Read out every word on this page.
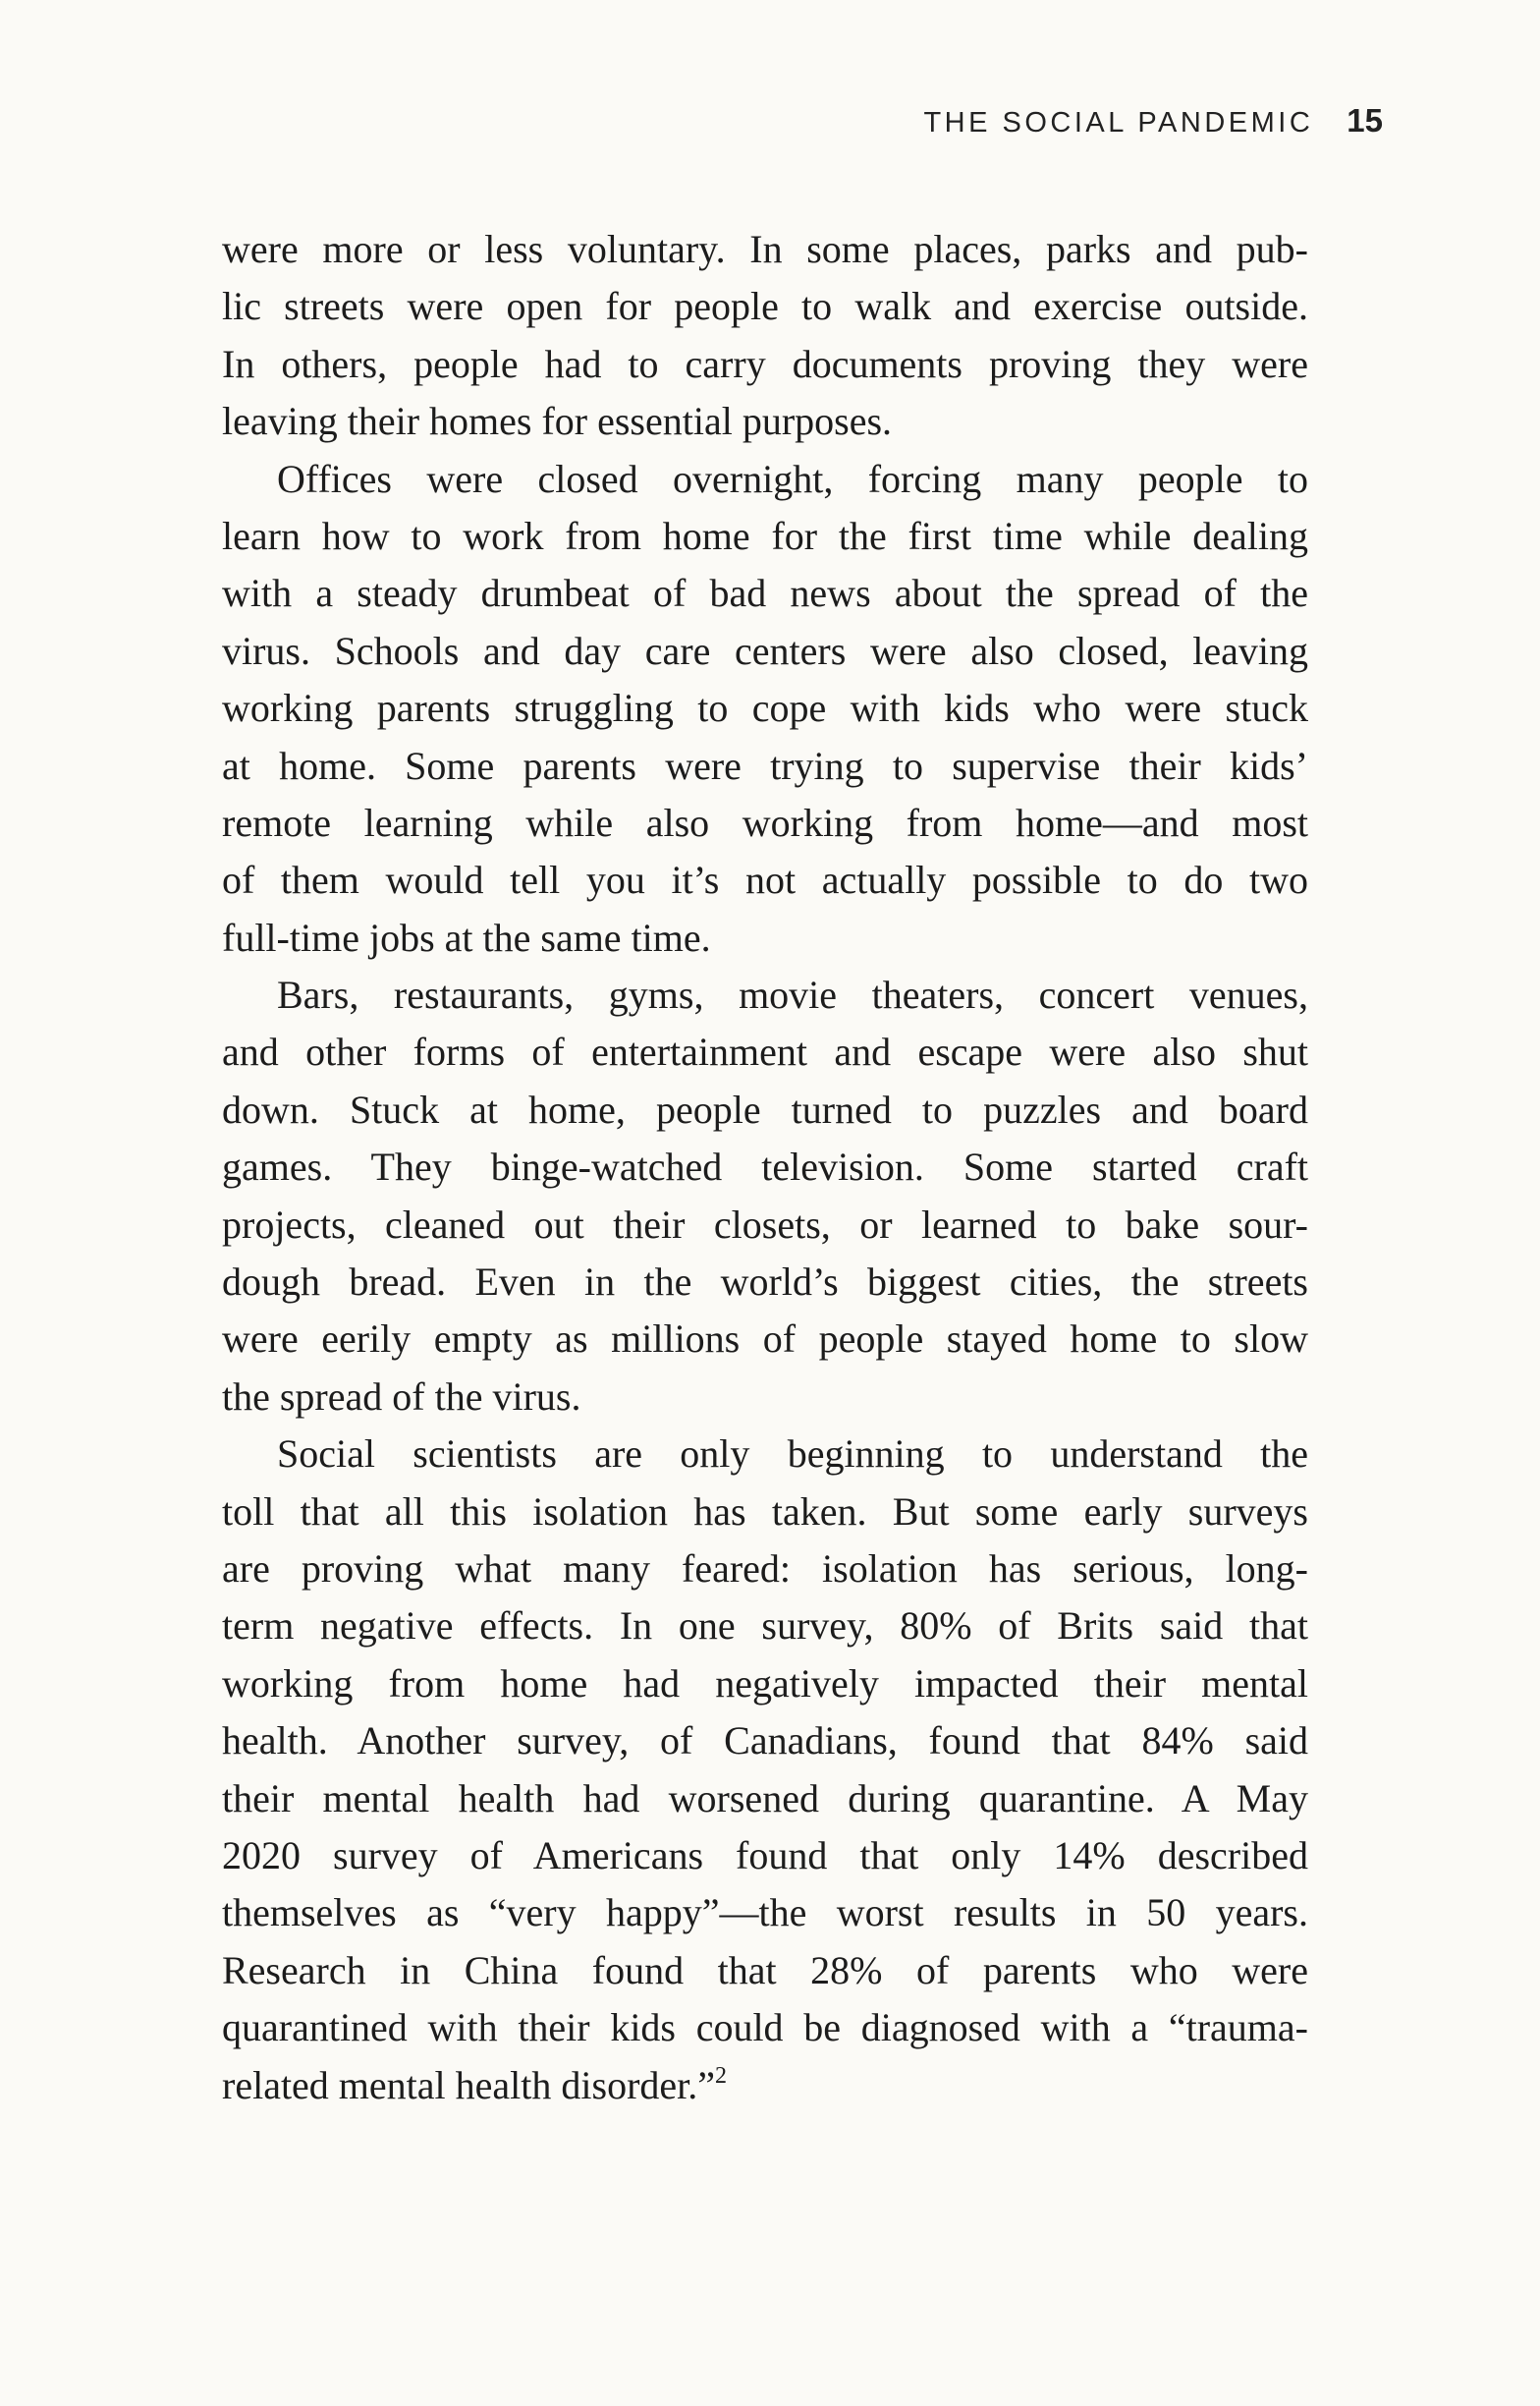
THE SOCIAL PANDEMIC 15
were more or less voluntary. In some places, parks and pub-
lic streets were open for people to walk and exercise outside.
In others, people had to carry documents proving they were
leaving their homes for essential purposes.
Offices were closed overnight, forcing many people to
learn how to work from home for the first time while dealing
with a steady drumbeat of bad news about the spread of the
virus. Schools and day care centers were also closed, leaving
working parents struggling to cope with kids who were stuck
at home. Some parents were trying to supervise their kids’
remote learning while also working from home—and most
of them would tell you it’s not actually possible to do two
full-time jobs at the same time.
Bars, restaurants, gyms, movie theaters, concert venues,
and other forms of entertainment and escape were also shut
down. Stuck at home, people turned to puzzles and board
games. They binge-watched television. Some started craft
projects, cleaned out their closets, or learned to bake sour-
dough bread. Even in the world’s biggest cities, the streets
were eerily empty as millions of people stayed home to slow
the spread of the virus.
Social scientists are only beginning to understand the
toll that all this isolation has taken. But some early surveys
are proving what many feared: isolation has serious, long-
term negative effects. In one survey, 80% of Brits said that
working from home had negatively impacted their mental
health. Another survey, of Canadians, found that 84% said
their mental health had worsened during quarantine. A May
2020 survey of Americans found that only 14% described
themselves as “very happy”—the worst results in 50 years.
Research in China found that 28% of parents who were
quarantined with their kids could be diagnosed with a “trauma-
related mental health disorder.”$^2$
